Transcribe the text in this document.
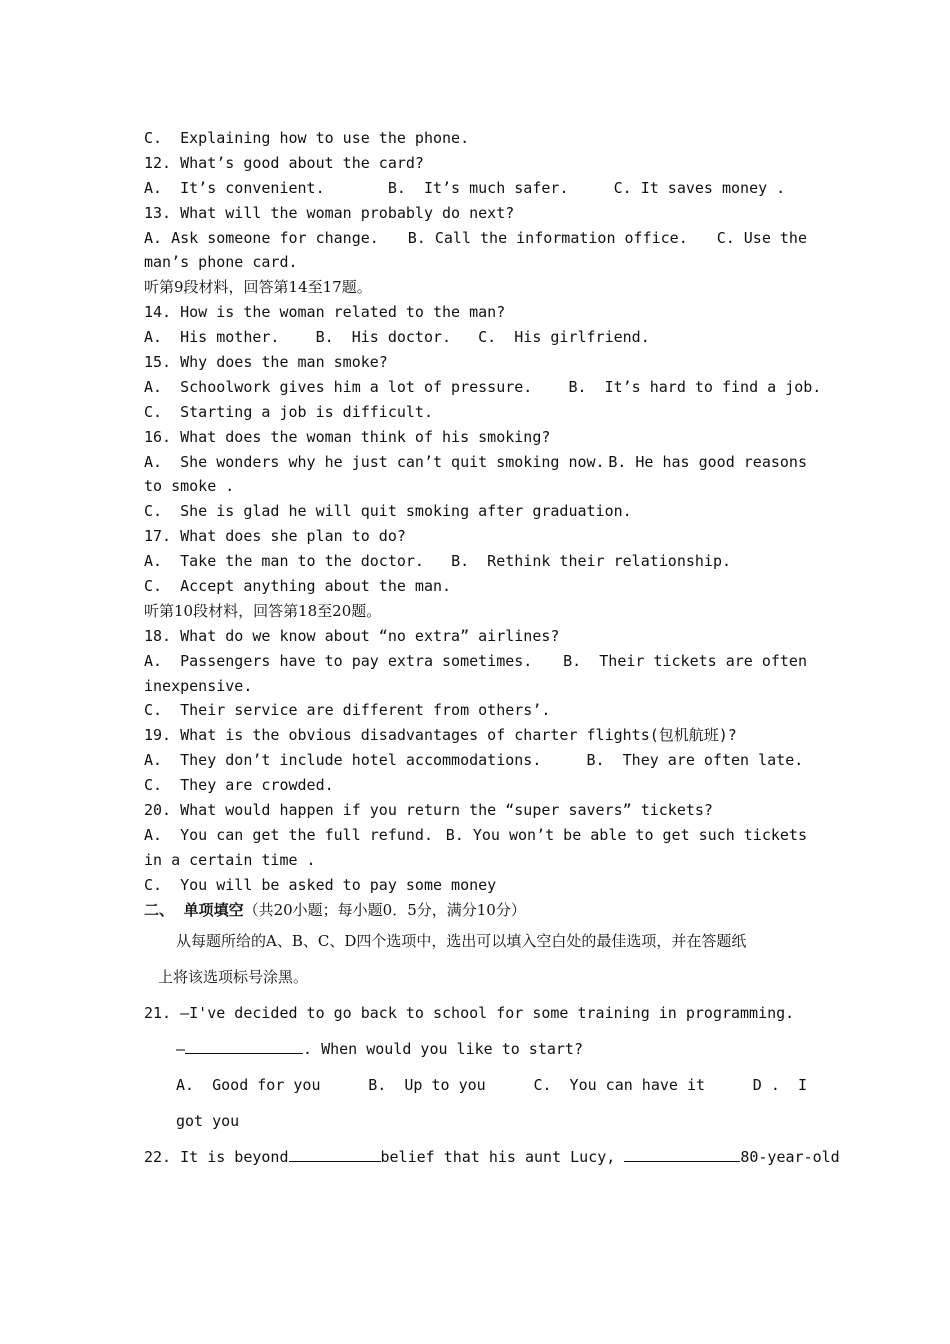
C.  Explaining how to use the phone.
12. What’s good about the card?
A.  It’s convenient.	B.  It’s much safer.	C. It saves money .
13. What will the woman probably do next?
A. Ask someone for change. B. Call the information office. C. Use the
man’s phone card.
听第9段材料，回答第14至17题。
14. How is the woman related to the man?
A.  His mother. B.  His doctor. C.  His girlfriend.
15. Why does the man smoke?
A.  Schoolwork gives him a lot of pressure. B.  It’s hard to find a job.
C.  Starting a job is difficult.
16. What does the woman think of his smoking?
A.  She wonders why he just can’t quit smoking now. B. He has good reasons
to smoke .
C.  She is glad he will quit smoking after graduation.
17. What does she plan to do?
A.  Take the man to the doctor. B.  Rethink their relationship.
C.  Accept anything about the man.
听第10段材料，回答第18至20题。
18. What do we know about “no extra” airlines?
A.  Passengers have to pay extra sometimes. B.  Their tickets are often
inexpensive.
C.  Their service are different from others’.
19. What is the obvious disadvantages of charter flights(包机航班)?
A.  They don’t include hotel accommodations.	B.  They are often late.
C.  They are crowded.
20. What would happen if you return the “super savers” tickets?
A.  You can get the full refund. B. You won’t be able to get such tickets
in a certain time .
C.  You will be asked to pay some money
二、 单项填空（共20小题；每小题0．5分，满分10分）
从每题所给的A、B、C、D四个选项中，选出可以填入空白处的最佳选项，并在答题纸
上将该选项标号涂黑。
21. —I've decided to go back to school for some training in programming.
—	. When would you like to start?
A.  Good for you	B.  Up to you	C.  You can have it	D .  I
got you
22. It is beyond	belief that his aunt Lucy,	80-year-old
